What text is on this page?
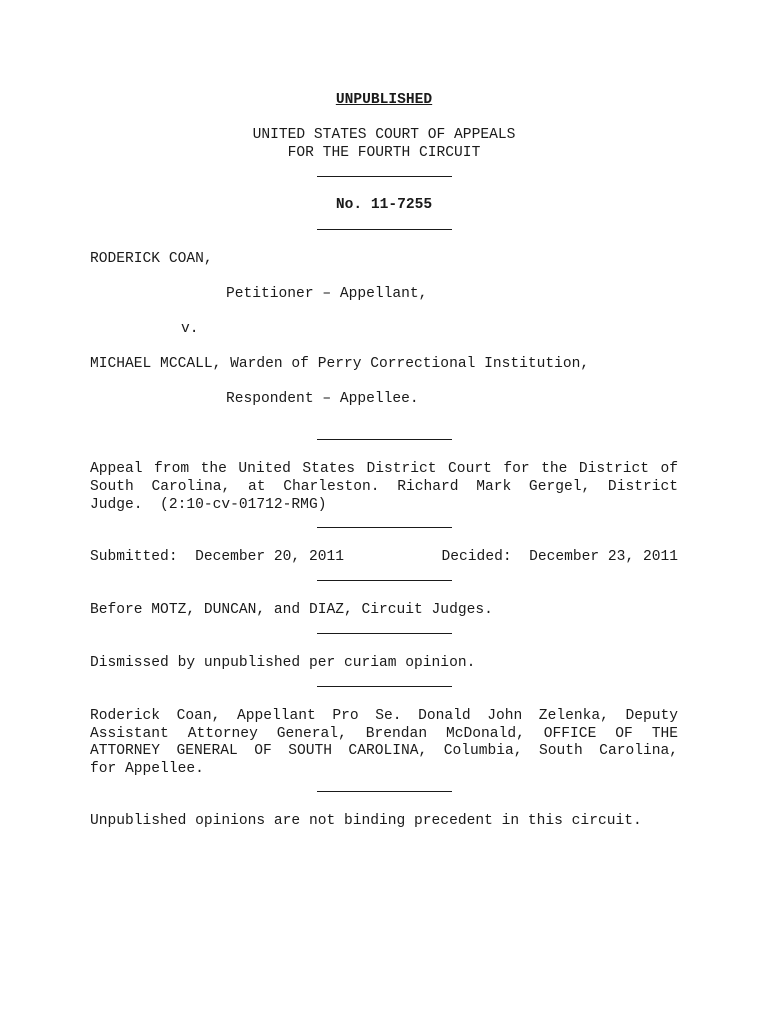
UNPUBLISHED
UNITED STATES COURT OF APPEALS
FOR THE FOURTH CIRCUIT
No. 11-7255
RODERICK COAN,
Petitioner – Appellant,
v.
MICHAEL MCCALL, Warden of Perry Correctional Institution,
Respondent – Appellee.
Appeal from the United States District Court for the District of
South Carolina, at Charleston. Richard Mark Gergel, District
Judge.  (2:10-cv-01712-RMG)
Submitted:  December 20, 2011	Decided:  December 23, 2011
Before MOTZ, DUNCAN, and DIAZ, Circuit Judges.
Dismissed by unpublished per curiam opinion.
Roderick Coan, Appellant Pro Se. Donald John Zelenka, Deputy
Assistant Attorney General, Brendan McDonald, OFFICE OF THE
ATTORNEY GENERAL OF SOUTH CAROLINA, Columbia, South Carolina,
for Appellee.
Unpublished opinions are not binding precedent in this circuit.
